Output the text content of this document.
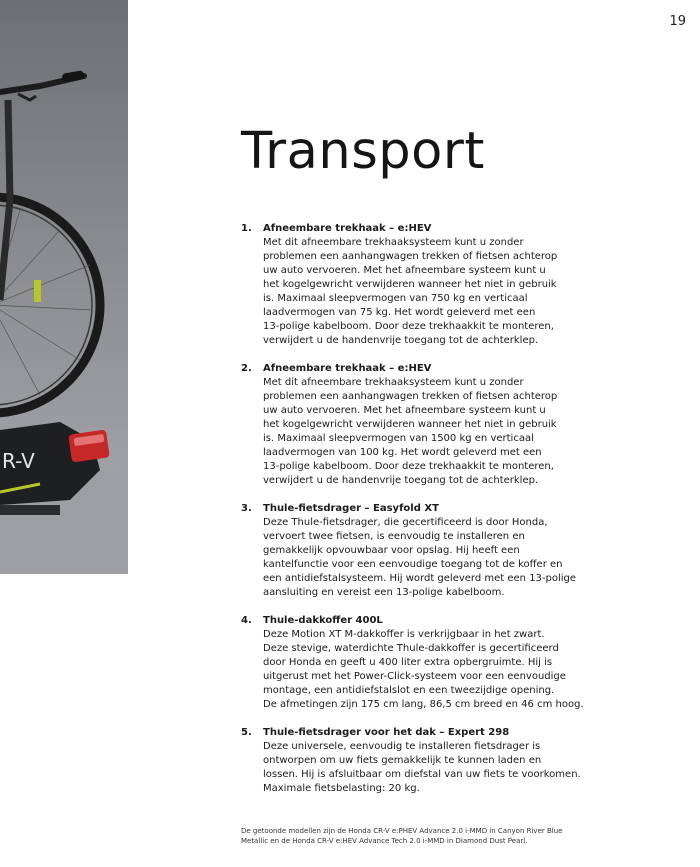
R-V
19
Transport
1. Afneembare trekhaak – e:HEV
Met dit afneembare trekhaaksysteem kunt u zonder
problemen een aanhangwagen trekken of fietsen achterop
uw auto vervoeren. Met het afneembare systeem kunt u
het kogelgewricht verwijderen wanneer het niet in gebruik
is. Maximaal sleepvermogen van 750 kg en verticaal
laadvermogen van 75 kg. Het wordt geleverd met een
13-polige kabelboom. Door deze trekhaakkit te monteren,
verwijdert u de handenvrije toegang tot de achterklep.
2. Afneembare trekhaak – e:HEV
Met dit afneembare trekhaaksysteem kunt u zonder
problemen een aanhangwagen trekken of fietsen achterop
uw auto vervoeren. Met het afneembare systeem kunt u
het kogelgewricht verwijderen wanneer het niet in gebruik
is. Maximaal sleepvermogen van 1500 kg en verticaal
laadvermogen van 100 kg. Het wordt geleverd met een
13-polige kabelboom. Door deze trekhaakkit te monteren,
verwijdert u de handenvrije toegang tot de achterklep.
3. Thule-fietsdrager – Easyfold XT
Deze Thule-fietsdrager, die gecertificeerd is door Honda,
vervoert twee fietsen, is eenvoudig te installeren en
gemakkelijk opvouwbaar voor opslag. Hij heeft een
kantelfunctie voor een eenvoudige toegang tot de koffer en
een antidiefstalsysteem. Hij wordt geleverd met een 13-polige
aansluiting en vereist een 13-polige kabelboom.
4. Thule-dakkoffer 400L
Deze Motion XT M-dakkoffer is verkrijgbaar in het zwart.
Deze stevige, waterdichte Thule-dakkoffer is gecertificeerd
door Honda en geeft u 400 liter extra opbergruimte. Hij is
uitgerust met het Power-Click-systeem voor een eenvoudige
montage, een antidiefstalslot en een tweezijdige opening.
De afmetingen zijn 175 cm lang, 86,5 cm breed en 46 cm hoog.
5. Thule-fietsdrager voor het dak – Expert 298
Deze universele, eenvoudig te installeren fietsdrager is
ontworpen om uw fiets gemakkelijk te kunnen laden en
lossen. Hij is afsluitbaar om diefstal van uw fiets te voorkomen.
Maximale fietsbelasting: 20 kg.
De getoonde modellen zijn de Honda CR-V e:PHEV Advance 2.0 i-MMD in Canyon River Blue Metallic en de Honda CR-V e:HEV Advance Tech 2.0 i-MMD in Diamond Dust Pearl.
